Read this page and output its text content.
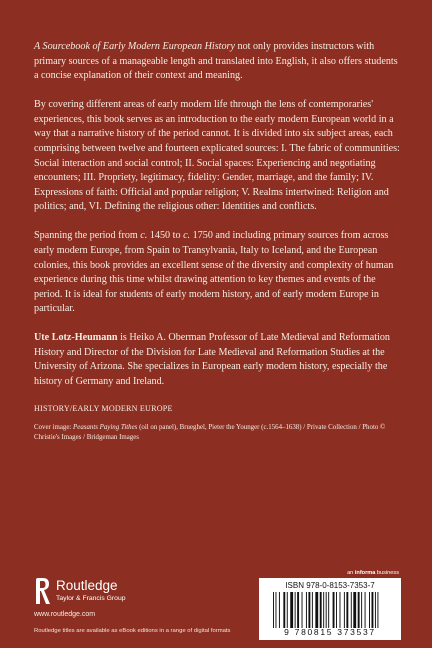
A Sourcebook of Early Modern European History not only provides instructors with primary sources of a manageable length and translated into English, it also offers students a concise explanation of their context and meaning.

By covering different areas of early modern life through the lens of contemporaries' experiences, this book serves as an introduction to the early modern European world in a way that a narrative history of the period cannot. It is divided into six subject areas, each comprising between twelve and fourteen explicated sources: I. The fabric of communities: Social interaction and social control; II. Social spaces: Experiencing and negotiating encounters; III. Propriety, legitimacy, fidelity: Gender, marriage, and the family; IV. Expressions of faith: Official and popular religion; V. Realms intertwined: Religion and politics; and, VI. Defining the religious other: Identities and conflicts.

Spanning the period from c. 1450 to c. 1750 and including primary sources from across early modern Europe, from Spain to Transylvania, Italy to Iceland, and the European colonies, this book provides an excellent sense of the diversity and complexity of human experience during this time whilst drawing attention to key themes and events of the period. It is ideal for students of early modern history, and of early modern Europe in particular.

Ute Lotz-Heumann is Heiko A. Oberman Professor of Late Medieval and Reformation History and Director of the Division for Late Medieval and Reformation Studies at the University of Arizona. She specializes in European early modern history, especially the history of Germany and Ireland.

HISTORY/EARLY MODERN EUROPE

Cover image: Peasants Paying Tithes (oil on panel), Brueghel, Pieter the Younger (c.1564–1638) / Private Collection / Photo © Christie's Images / Bridgeman Images

Routledge
Taylor & Francis Group
www.routledge.com
Routledge titles are available as eBook editions in a range of digital formats
an informa business
ISBN 978-0-8153-7353-7
9 780815 373537
